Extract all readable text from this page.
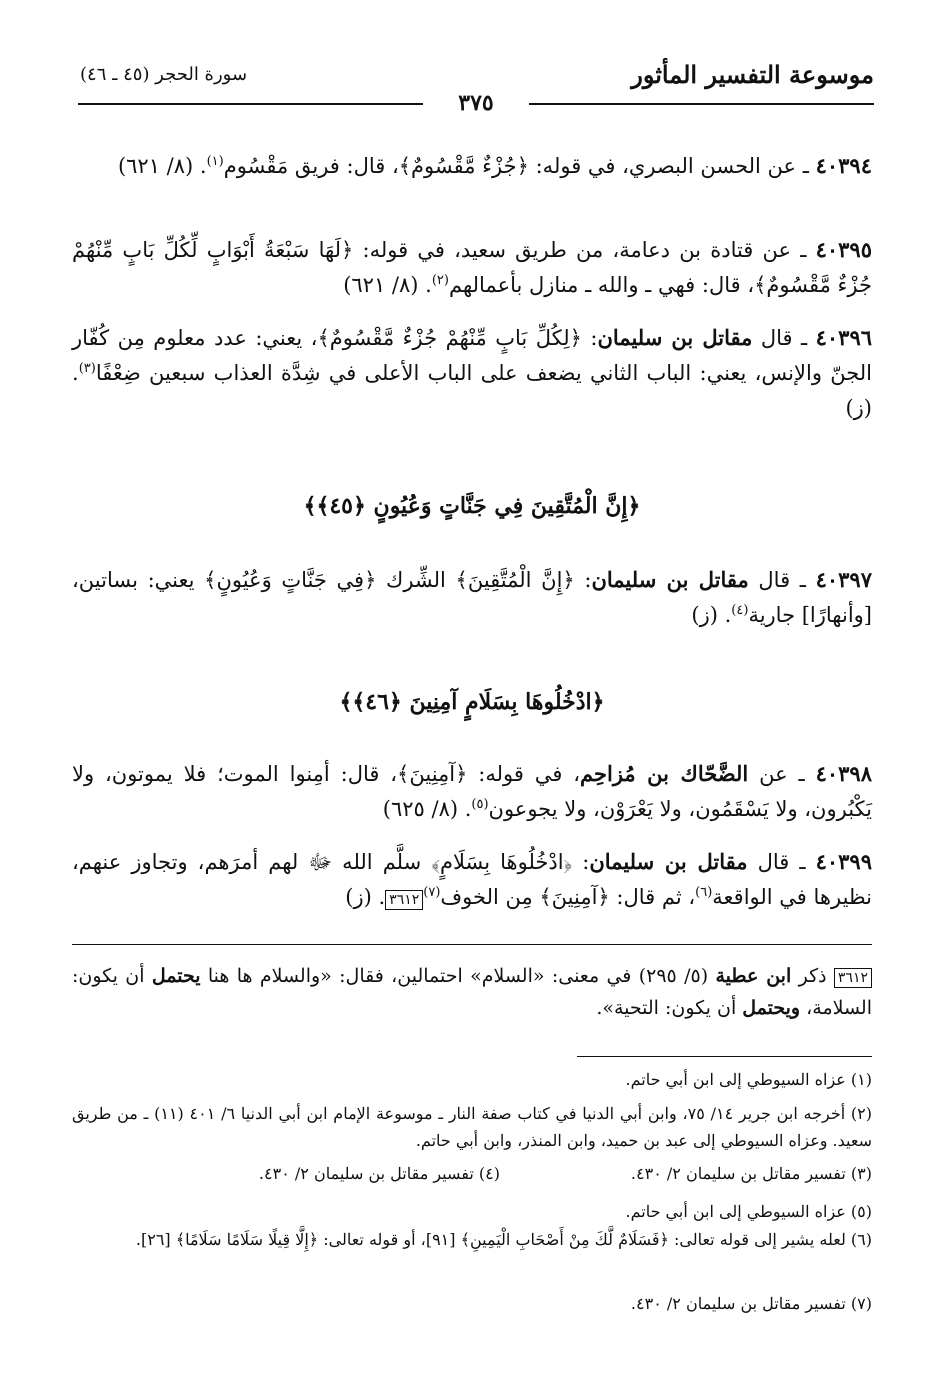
موسوعة التفسير المأثور
سورة الحجر (٤٥ ـ ٤٦)
٣٧٥
٤٠٣٩٤ ـ عن الحسن البصري، في قوله: ﴿جُزْءٌ مَّقْسُومٌ﴾، قال: فريق مَقْسُوم$^{(١)}$. (٨/ ٦٢١)
٤٠٣٩٥ ـ عن قتادة بن دعامة، من طريق سعيد، في قوله: ﴿لَهَا سَبْعَةُ أَبْوَابٍ لِّكُلِّ بَابٍ مِّنْهُمْ جُزْءٌ مَّقْسُومٌ﴾، قال: فهي ـ والله ـ منازل بأعمالهم$^{(٢)}$. (٨/ ٦٢١)
٤٠٣٩٦ ـ قال مقاتل بن سليمان: ﴿لِكُلِّ بَابٍ مِّنْهُمْ جُزْءٌ مَّقْسُومٌ﴾، يعني: عدد معلوم مِن كُفّار الجنّ والإنس، يعني: الباب الثاني يضعف على الباب الأعلى في شِدَّة العذاب سبعين ضِعْفًا$^{(٣)}$. (ز)
﴿إِنَّ الْمُتَّقِينَ فِي جَنَّاتٍ وَعُيُونٍ ﴿٤٥﴾﴾
٤٠٣٩٧ ـ قال مقاتل بن سليمان: ﴿إِنَّ الْمُتَّقِينَ﴾ الشِّرك ﴿فِي جَنَّاتٍ وَعُيُونٍ﴾ يعني: بساتين، [وأنهارًا] جارية$^{(٤)}$. (ز)
﴿ادْخُلُوهَا بِسَلَامٍ آمِنِينَ ﴿٤٦﴾﴾
٤٠٣٩٨ ـ عن الضَّحّاك بن مُزاحِم، في قوله: ﴿آمِنِينَ﴾، قال: أمِنوا الموت؛ فلا يموتون، ولا يَكْبُرون، ولا يَسْقَمُون، ولا يَعْرَوْن، ولا يجوعون$^{(٥)}$. (٨/ ٦٢٥)
٤٠٣٩٩ ـ قال مقاتل بن سليمان: ﴿ادْخُلُوهَا بِسَلَامٍ﴾ سلَّم الله ﷻ لهم أمرَهم، وتجاوز عنهم، نظيرها في الواقعة$^{(٦)}$، ثم قال: ﴿آمِنِينَ﴾ مِن الخوف$^{(٧)}$٣٦١٢. (ز)
٣٦١٢ ذكر ابن عطية (٥/ ٢٩٥) في معنى: «السلام» احتمالين، فقال: «والسلام ها هنا يحتمل أن يكون: السلامة، ويحتمل أن يكون: التحية».
(١) عزاه السيوطي إلى ابن أبي حاتم.
(٢) أخرجه ابن جرير ١٤/ ٧٥، وابن أبي الدنيا في كتاب صفة النار ـ موسوعة الإمام ابن أبي الدنيا ٦/ ٤٠١ (١١) ـ من طريق سعيد. وعزاه السيوطي إلى عبد بن حميد، وابن المنذر، وابن أبي حاتم.
(٣) تفسير مقاتل بن سليمان ٢/ ٤٣٠.
(٤) تفسير مقاتل بن سليمان ٢/ ٤٣٠.
(٥) عزاه السيوطي إلى ابن أبي حاتم.
(٦) لعله يشير إلى قوله تعالى: ﴿فَسَلَامٌ لَّكَ مِنْ أَصْحَابِ الْيَمِينِ﴾ [٩١]، أو قوله تعالى: ﴿إِلَّا قِيلًا سَلَامًا سَلَامًا﴾ [٢٦].
(٧) تفسير مقاتل بن سليمان ٢/ ٤٣٠.
